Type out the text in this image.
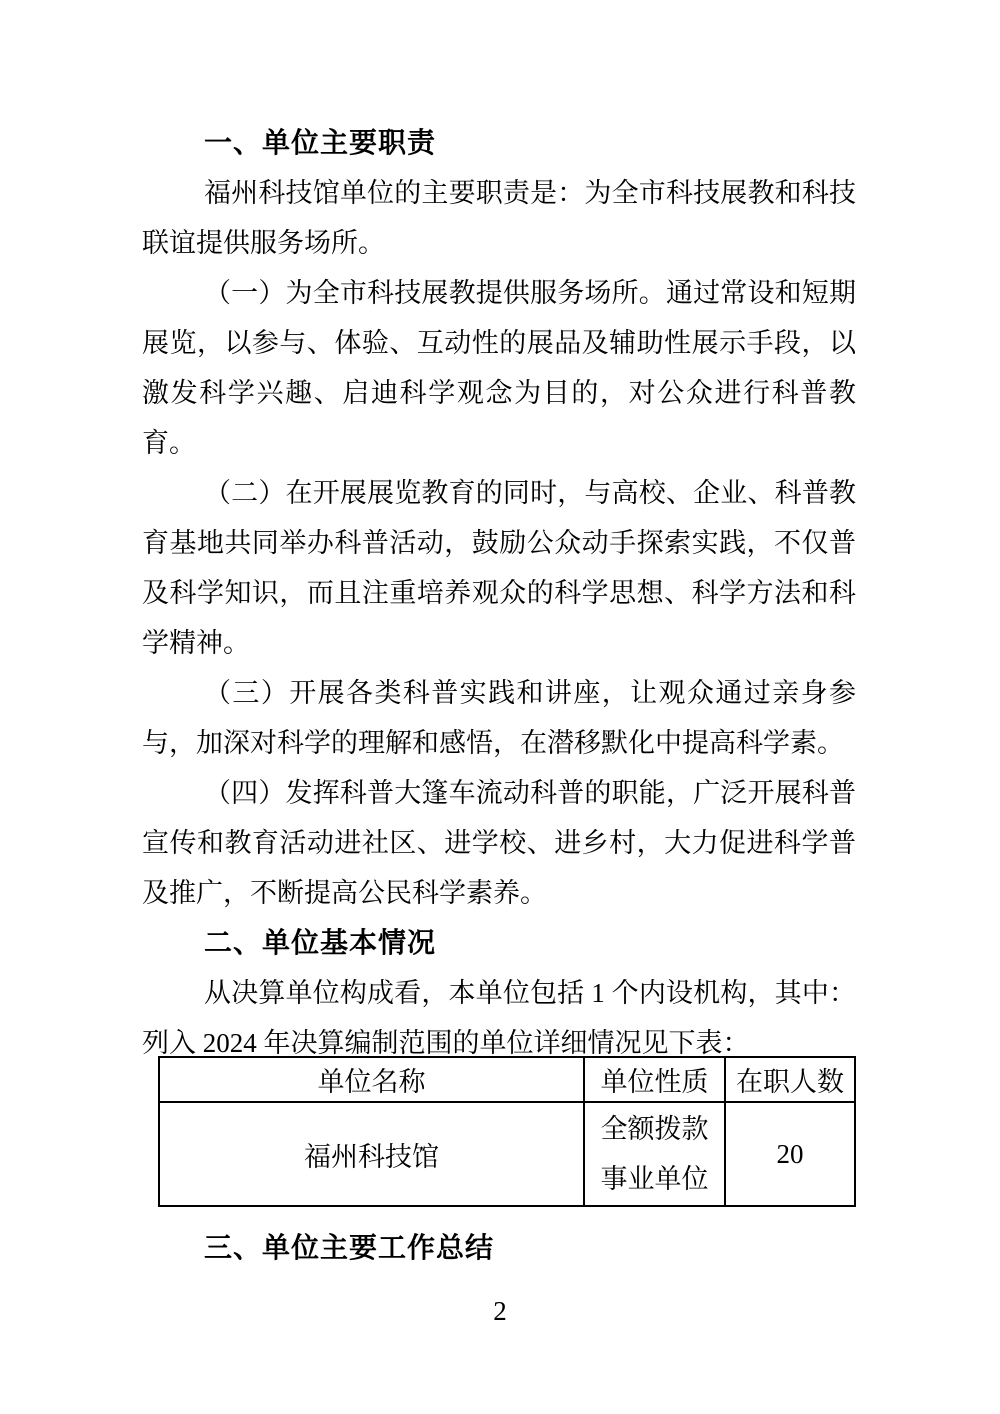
一、单位主要职责

福州科技馆单位的主要职责是：为全市科技展教和科技联谊提供服务场所。

（一）为全市科技展教提供服务场所。通过常设和短期展览，以参与、体验、互动性的展品及辅助性展示手段，以激发科学兴趣、启迪科学观念为目的，对公众进行科普教育。

（二）在开展展览教育的同时，与高校、企业、科普教育基地共同举办科普活动，鼓励公众动手探索实践，不仅普及科学知识，而且注重培养观众的科学思想、科学方法和科学精神。

（三）开展各类科普实践和讲座，让观众通过亲身参与，加深对科学的理解和感悟，在潜移默化中提高科学素。

（四）发挥科普大篷车流动科普的职能，广泛开展科普宣传和教育活动进社区、进学校、进乡村，大力促进科学普及推广，不断提高公民科学素养。

二、单位基本情况

从决算单位构成看，本单位包括 1 个内设机构，其中：列入 2024 年决算编制范围的单位详细情况见下表：

单位名称	单位性质	在职人数
福州科技馆	全额拨款事业单位	20
三、单位主要工作总结
2
